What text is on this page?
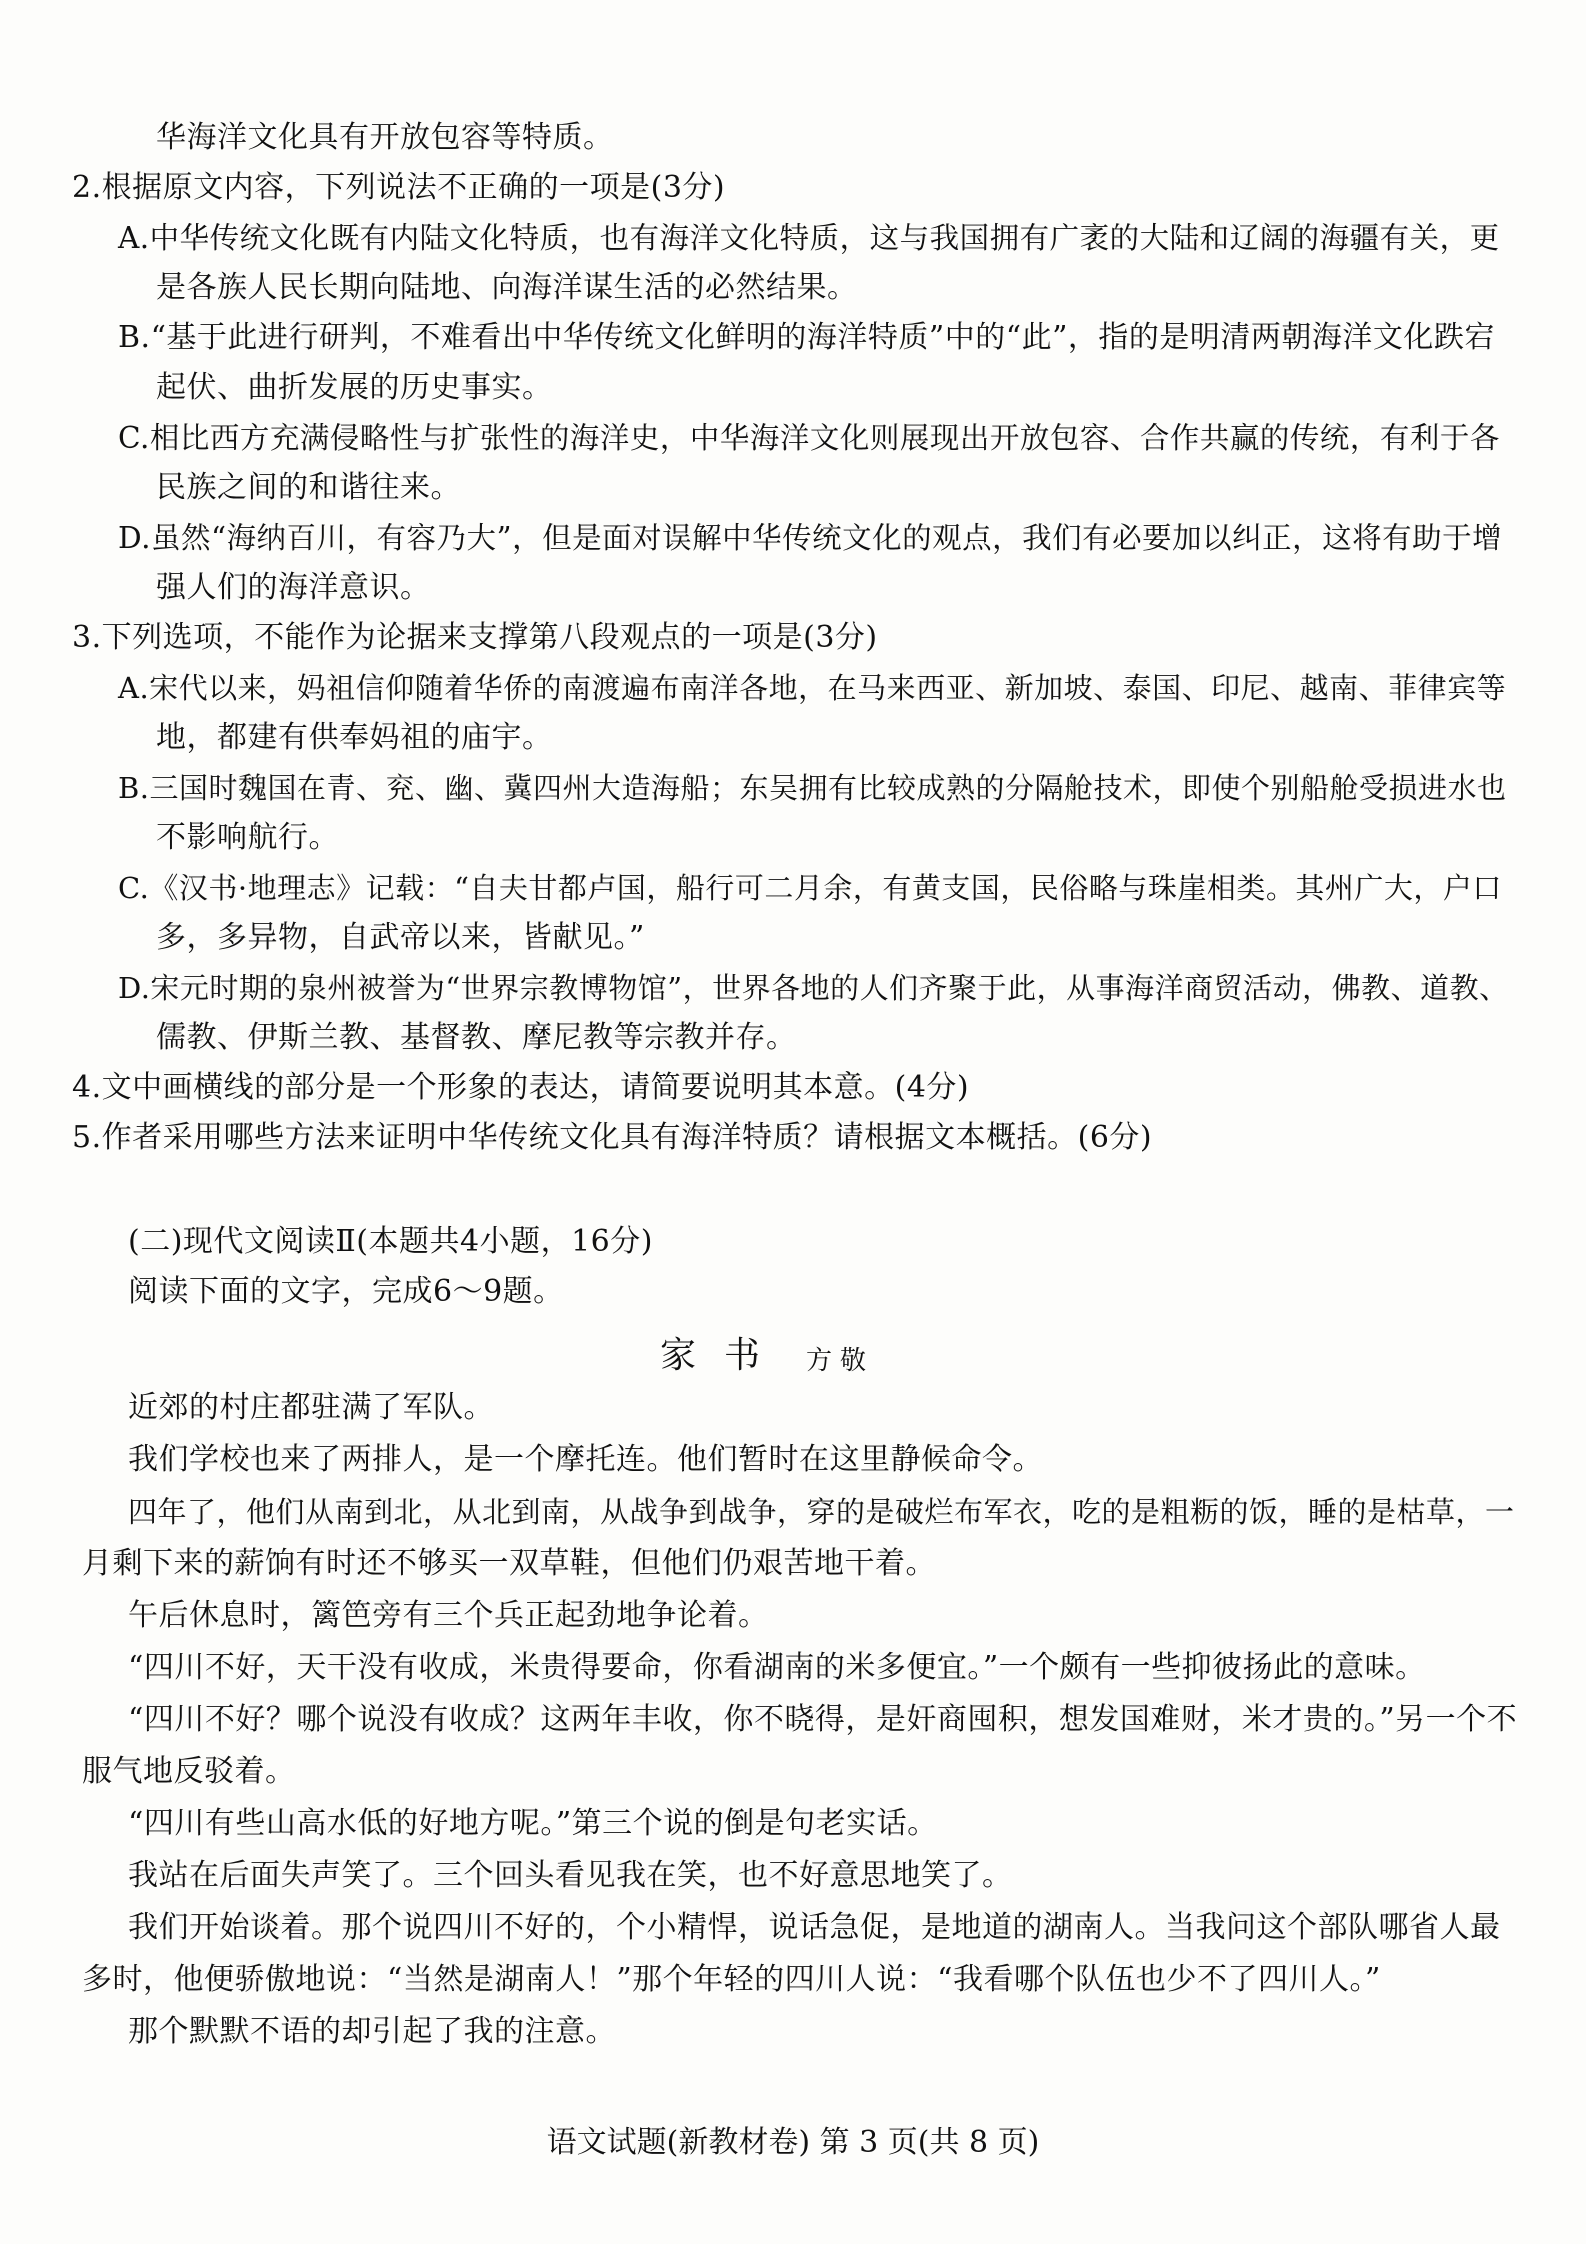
华海洋文化具有开放包容等特质。
2.根据原文内容，下列说法不正确的一项是(3分)
A.中华传统文化既有内陆文化特质，也有海洋文化特质，这与我国拥有广袤的大陆和辽阔的海疆有关，更
是各族人民长期向陆地、向海洋谋生活的必然结果。
B.“基于此进行研判，不难看出中华传统文化鲜明的海洋特质”中的“此”，指的是明清两朝海洋文化跌宕
起伏、曲折发展的历史事实。
C.相比西方充满侵略性与扩张性的海洋史，中华海洋文化则展现出开放包容、合作共赢的传统，有利于各
民族之间的和谐往来。
D.虽然“海纳百川，有容乃大”，但是面对误解中华传统文化的观点，我们有必要加以纠正，这将有助于增
强人们的海洋意识。
3.下列选项，不能作为论据来支撑第八段观点的一项是(3分)
A.宋代以来，妈祖信仰随着华侨的南渡遍布南洋各地，在马来西亚、新加坡、泰国、印尼、越南、菲律宾等
地，都建有供奉妈祖的庙宇。
B.三国时魏国在青、兖、幽、冀四州大造海船；东吴拥有比较成熟的分隔舱技术，即使个别船舱受损进水也
不影响航行。
C.《汉书·地理志》记载：“自夫甘都卢国，船行可二月余，有黄支国，民俗略与珠崖相类。其州广大，户口
多，多异物，自武帝以来，皆献见。”
D.宋元时期的泉州被誉为“世界宗教博物馆”，世界各地的人们齐聚于此，从事海洋商贸活动，佛教、道教、
儒教、伊斯兰教、基督教、摩尼教等宗教并存。
4.文中画横线的部分是一个形象的表达，请简要说明其本意。(4分)
5.作者采用哪些方法来证明中华传统文化具有海洋特质？请根据文本概括。(6分)
(二)现代文阅读Ⅱ(本题共4小题，16分)
阅读下面的文字，完成6～9题。
家书 方敬
近郊的村庄都驻满了军队。
我们学校也来了两排人，是一个摩托连。他们暂时在这里静候命令。
四年了，他们从南到北，从北到南，从战争到战争，穿的是破烂布军衣，吃的是粗粝的饭，睡的是枯草，一
月剩下来的薪饷有时还不够买一双草鞋，但他们仍艰苦地干着。
午后休息时，篱笆旁有三个兵正起劲地争论着。
“四川不好，天干没有收成，米贵得要命，你看湖南的米多便宜。”一个颇有一些抑彼扬此的意味。
“四川不好？哪个说没有收成？这两年丰收，你不晓得，是奸商囤积，想发国难财，米才贵的。”另一个不
服气地反驳着。
“四川有些山高水低的好地方呢。”第三个说的倒是句老实话。
我站在后面失声笑了。三个回头看见我在笑，也不好意思地笑了。
我们开始谈着。那个说四川不好的，个小精悍，说话急促，是地道的湖南人。当我问这个部队哪省人最
多时，他便骄傲地说：“当然是湖南人！”那个年轻的四川人说：“我看哪个队伍也少不了四川人。”
那个默默不语的却引起了我的注意。
语文试题(新教材卷) 第 3 页(共 8 页)
